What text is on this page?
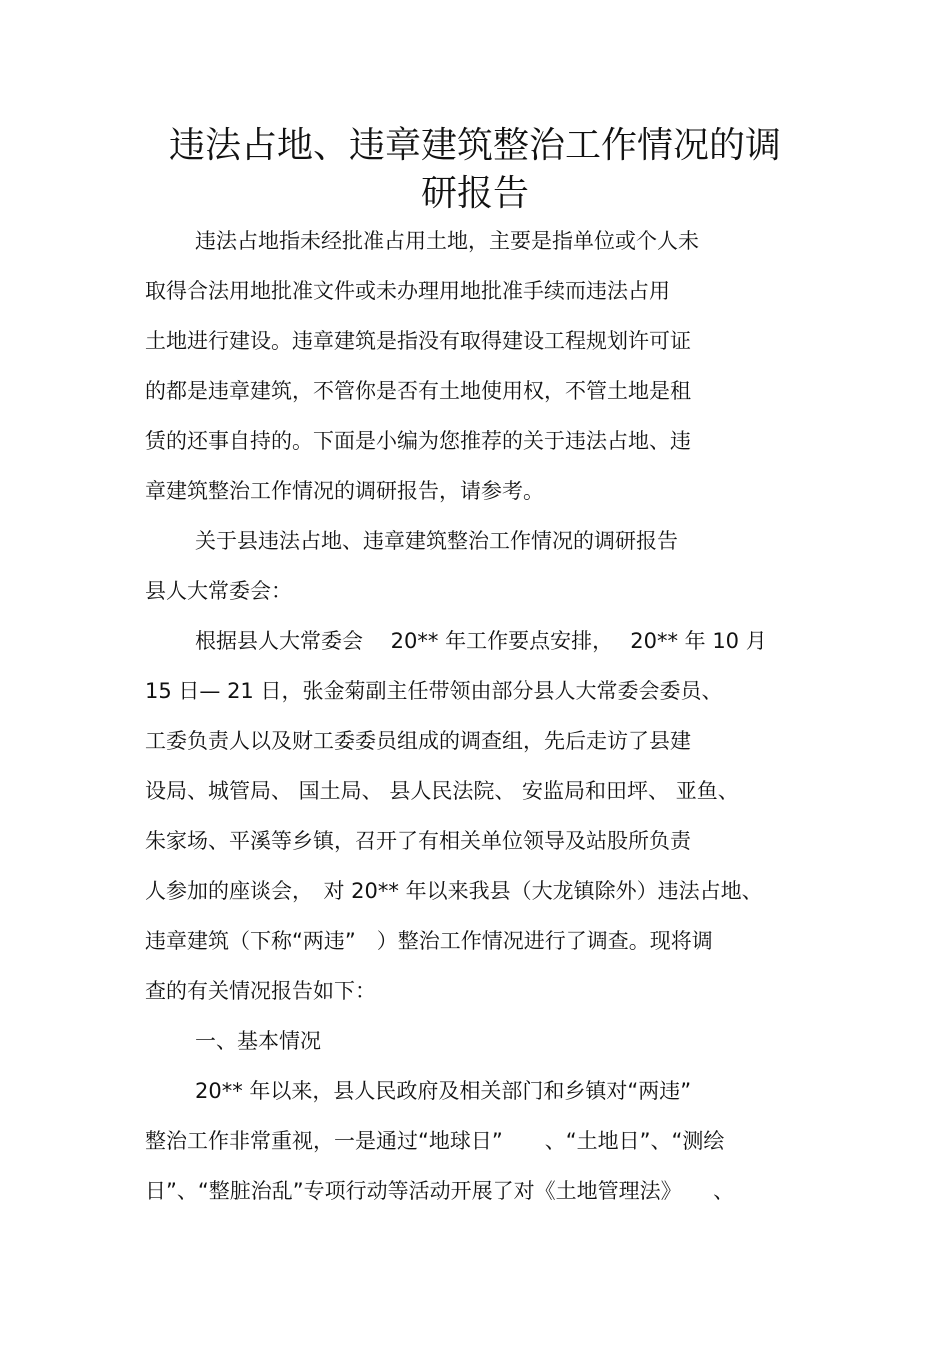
违法占地、违章建筑整治工作情况的调
研报告
违法占地指未经批准占用土地，主要是指单位或个人未
取得合法用地批准文件或未办理用地批准手续而违法占用
土地进行建设。违章建筑是指没有取得建设工程规划许可证
的都是违章建筑，不管你是否有土地使用权，不管土地是租
赁的还事自持的。下面是小编为您推荐的关于违法占地、违
章建筑整治工作情况的调研报告，请参考。
关于县违法占地、违章建筑整治工作情况的调研报告
县人大常委会：
根据县人大常委会　 20** 年工作要点安排，　 20** 年 10 月
15 日— 21 日，张金菊副主任带领由部分县人大常委会委员、
工委负责人以及财工委委员组成的调查组，先后走访了县建
设局、城管局、 国土局、 县人民法院、 安监局和田坪、 亚鱼、
朱家场、平溪等乡镇，召开了有相关单位领导及站股所负责
人参加的座谈会，　对 20** 年以来我县（大龙镇除外）违法占地、
违章建筑（下称“两违”　）整治工作情况进行了调查。现将调
查的有关情况报告如下：
一、基本情况
20** 年以来，县人民政府及相关部门和乡镇对“两违”
整治工作非常重视，一是通过“地球日”　　、“土地日”、“测绘
日”、“整脏治乱”专项行动等活动开展了对《土地管理法》　　、
